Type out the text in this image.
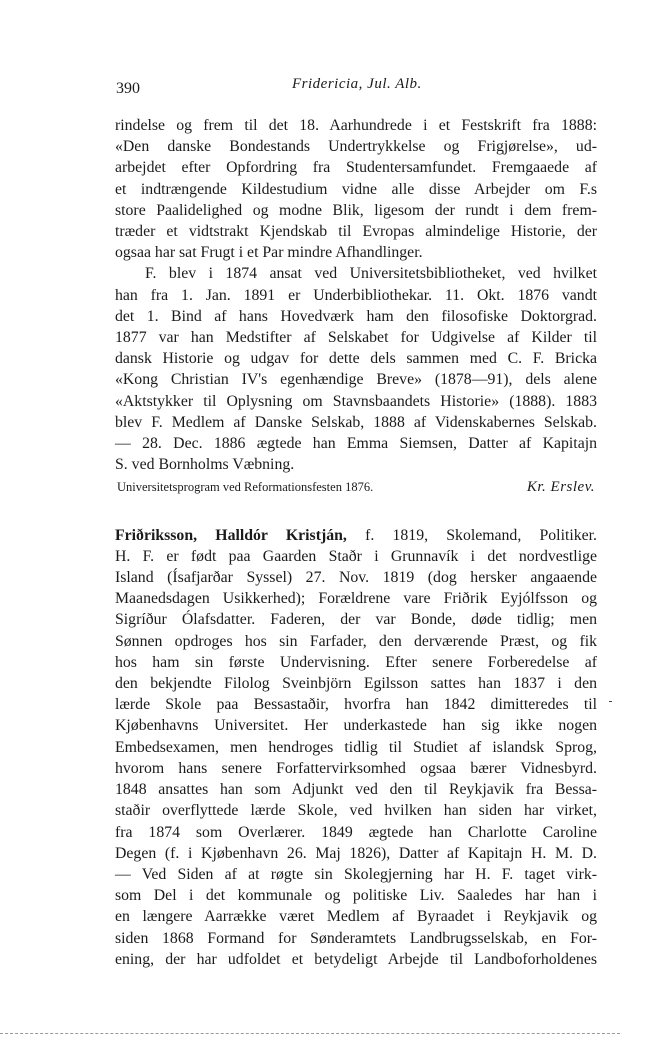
390	Fridericia, Jul. Alb.
rindelse og frem til det 18. Aarhundrede i et Festskrift fra 1888:
«Den danske Bondestands Undertrykkelse og Frigjørelse», ud-
arbejdet efter Opfordring fra Studentersamfundet. Fremgaaede af
et indtrængende Kildestudium vidne alle disse Arbejder om F.s
store Paalidelighed og modne Blik, ligesom der rundt i dem frem-
træder et vidtstrakt Kjendskab til Evropas almindelige Historie, der
ogsaa har sat Frugt i et Par mindre Afhandlinger.
F. blev i 1874 ansat ved Universitetsbibliotheket, ved hvilket
han fra 1. Jan. 1891 er Underbibliothekar. 11. Okt. 1876 vandt
det 1. Bind af hans Hovedværk ham den filosofiske Doktorgrad.
1877 var han Medstifter af Selskabet for Udgivelse af Kilder til
dansk Historie og udgav for dette dels sammen med C. F. Bricka
«Kong Christian IV's egenhændige Breve» (1878—91), dels alene
«Aktstykker til Oplysning om Stavnsbaandets Historie» (1888). 1883
blev F. Medlem af Danske Selskab, 1888 af Videnskabernes Selskab.
— 28. Dec. 1886 ægtede han Emma Siemsen, Datter af Kapitajn
S. ved Bornholms Væbning.
Universitetsprogram ved Reformationsfesten 1876.	Kr. Erslev.
Friðriksson, Halldór Kristján, f. 1819, Skolemand, Politiker.
H. F. er født paa Gaarden Staðr i Grunnavík i det nordvestlige
Island (Ísafjarðar Syssel) 27. Nov. 1819 (dog hersker angaaende
Maanedsdagen Usikkerhed); Forældrene vare Friðrik Eyjólfsson og
Sigríður Ólafsdatter. Faderen, der var Bonde, døde tidlig; men
Sønnen opdroges hos sin Farfader, den derværende Præst, og fik
hos ham sin første Undervisning. Efter senere Forberedelse af
den bekjendte Filolog Sveinbjörn Egilsson sattes han 1837 i den
lærde Skole paa Bessastaðir, hvorfra han 1842 dimitteredes til
Kjøbenhavns Universitet. Her underkastede han sig ikke nogen
Embedsexamen, men hendroges tidlig til Studiet af islandsk Sprog,
hvorom hans senere Forfattervirksomhed ogsaa bærer Vidnesbyrd.
1848 ansattes han som Adjunkt ved den til Reykjavik fra Bessa-
staðir overflyttede lærde Skole, ved hvilken han siden har virket,
fra 1874 som Overlærer. 1849 ægtede han Charlotte Caroline
Degen (f. i Kjøbenhavn 26. Maj 1826), Datter af Kapitajn H. M. D.
— Ved Siden af at røgte sin Skolegjerning har H. F. taget virk-
som Del i det kommunale og politiske Liv. Saaledes har han i
en længere Aarrække været Medlem af Byraadet i Reykjavik og
siden 1868 Formand for Sønderamtets Landbrugsselskab, en For-
ening, der har udfoldet et betydeligt Arbejde til Landboforholdenes
